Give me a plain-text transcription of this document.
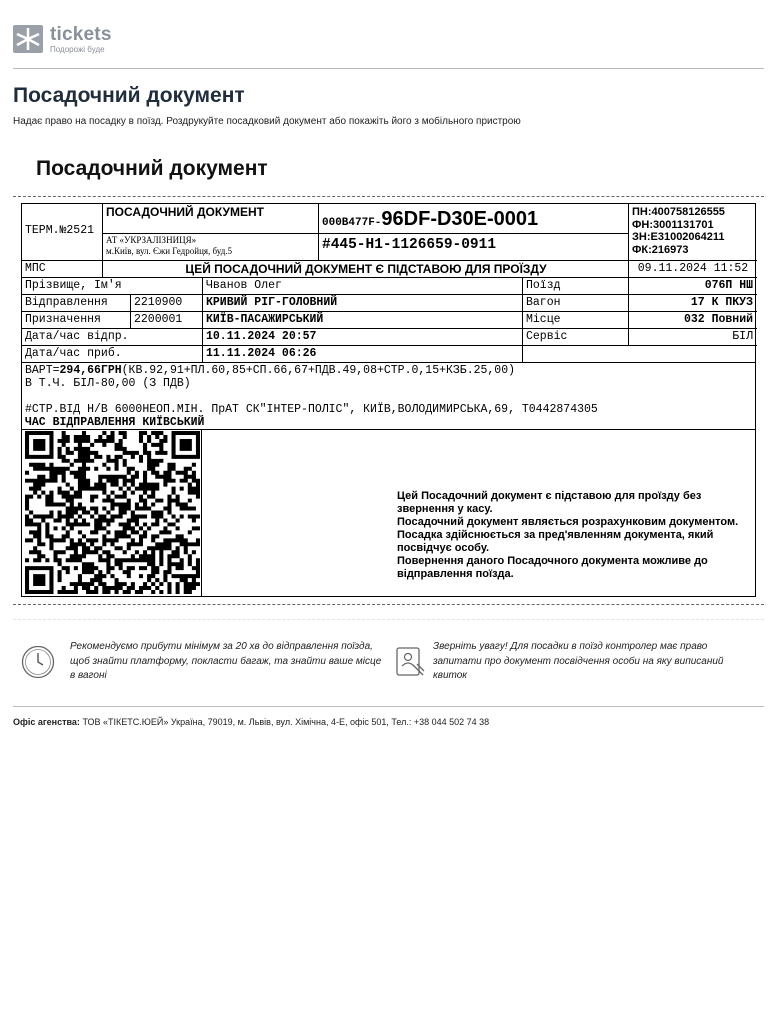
tickets
Подорожі буде
Посадочний документ
Надає право на посадку в поїзд. Роздрукуйте посадковий документ або покажіть його з мобільного пристрою
Посадочний документ
ТЕРМ.№2521
ПОСАДОЧНИЙ ДОКУМЕНТ
АТ «УКРЗАЛІЗНИЦЯ»
м.Київ, вул. Єжи Гедройця, буд.5
000B477F-96DF-D30E-0001
#445-H1-1126659-0911
ПН:400758126555
ФН:3001131701
ЗН:Е31002064211
ФК:216973
МПС	ЦЕЙ ПОСАДОЧНИЙ ДОКУМЕНТ Є ПІДСТАВОЮ ДЛЯ ПРОЇЗДУ	09.11.2024 11:52
Прізвище, Ім'я	Чванов Олег	Поїзд	076П НШ
Відправлення	2210900	КРИВИЙ РІГ-ГОЛОВНИЙ	Вагон	17 К ПКУЗ
Призначення	2200001	КИЇВ-ПАСАЖИРСЬКИЙ	Місце	032 Повний
Дата/час відпр.	10.11.2024 20:57	Сервіс	БІЛ
Дата/час приб.	11.11.2024 06:26
ВАРТ=294,66ГРН(КВ.92,91+ПЛ.60,85+СП.66,67+ПДВ.49,08+СТР.0,15+КЗБ.25,00)
В Т.Ч. БІЛ-80,00 (З ПДВ)
#СТР.ВІД Н/В 6000НЕОП.МІН. ПрАТ СК"ІНТЕР-ПОЛІС", КИЇВ,ВОЛОДИМИРСЬКА,69, Т0442874305
ЧАС ВІДПРАВЛЕННЯ КИЇВСЬКИЙ
Цей Посадочний документ є підставою для проїзду без звернення у касу.
Посадочний документ являється розрахунковим документом.
Посадка здійснюється за пред'явленням документа, який посвідчує особу.
Повернення даного Посадочного документа можливе до відправлення поїзда.
Рекомендуємо прибути мінімум за 20 хв до відправлення поїзда, щоб знайти платформу, покласти багаж, та знайти ваше місце в вагоні
Зверніть увагу! Для посадки в поїзд контролер має право запитати про документ посвідчення особи на яку виписаний квиток
Офіс агенства: ТОВ «ТІКЕТС.ЮЕЙ» Україна, 79019, м. Львів, вул. Хімічна, 4-Е, офіс 501, Тел.: +38 044 502 74 38
